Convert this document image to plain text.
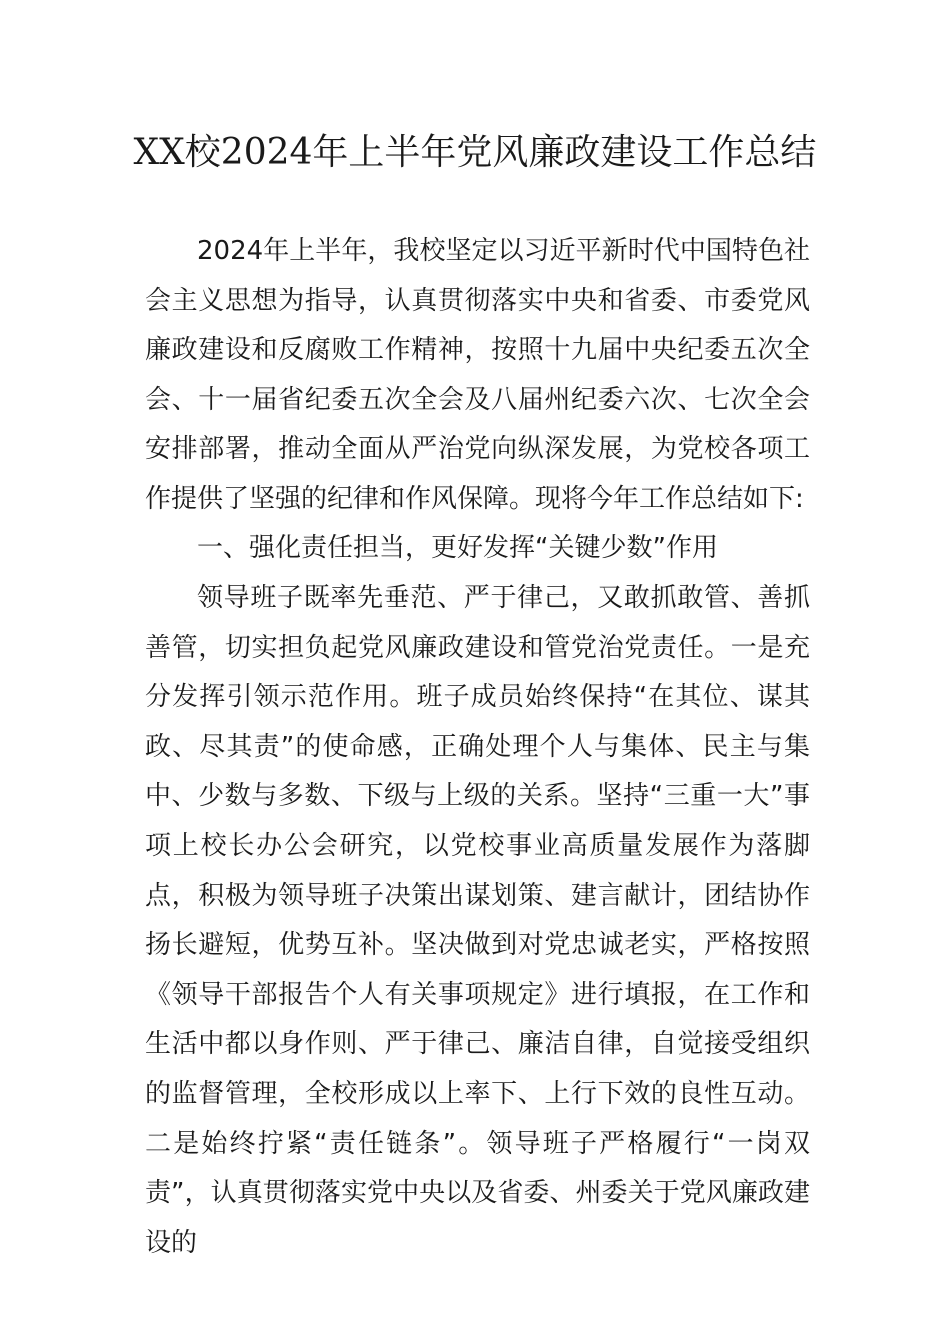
XX校2024年上半年党风廉政建设工作总结

2024年上半年，我校坚定以习近平新时代中国特色社会主义思想为指导，认真贯彻落实中央和省委、市委党风廉政建设和反腐败工作精神，按照十九届中央纪委五次全会、十一届省纪委五次全会及八届州纪委六次、七次全会安排部署，推动全面从严治党向纵深发展，为党校各项工作提供了坚强的纪律和作风保障。现将今年工作总结如下:

一、强化责任担当，更好发挥“关键少数”作用

领导班子既率先垂范、严于律己，又敢抓敢管、善抓善管，切实担负起党风廉政建设和管党治党责任。一是充分发挥引领示范作用。班子成员始终保持“在其位、谋其政、尽其责”的使命感，正确处理个人与集体、民主与集中、少数与多数、下级与上级的关系。坚持“三重一大”事项上校长办公会研究，以党校事业高质量发展作为落脚点，积极为领导班子决策出谋划策、建言献计，团结协作扬长避短，优势互补。坚决做到对党忠诚老实，严格按照《领导干部报告个人有关事项规定》进行填报，在工作和生活中都以身作则、严于律己、廉洁自律，自觉接受组织的监督管理，全校形成以上率下、上行下效的良性互动。二是始终拧紧“责任链条”。领导班子严格履行“一岗双责”，认真贯彻落实党中央以及省委、州委关于党风廉政建设的
